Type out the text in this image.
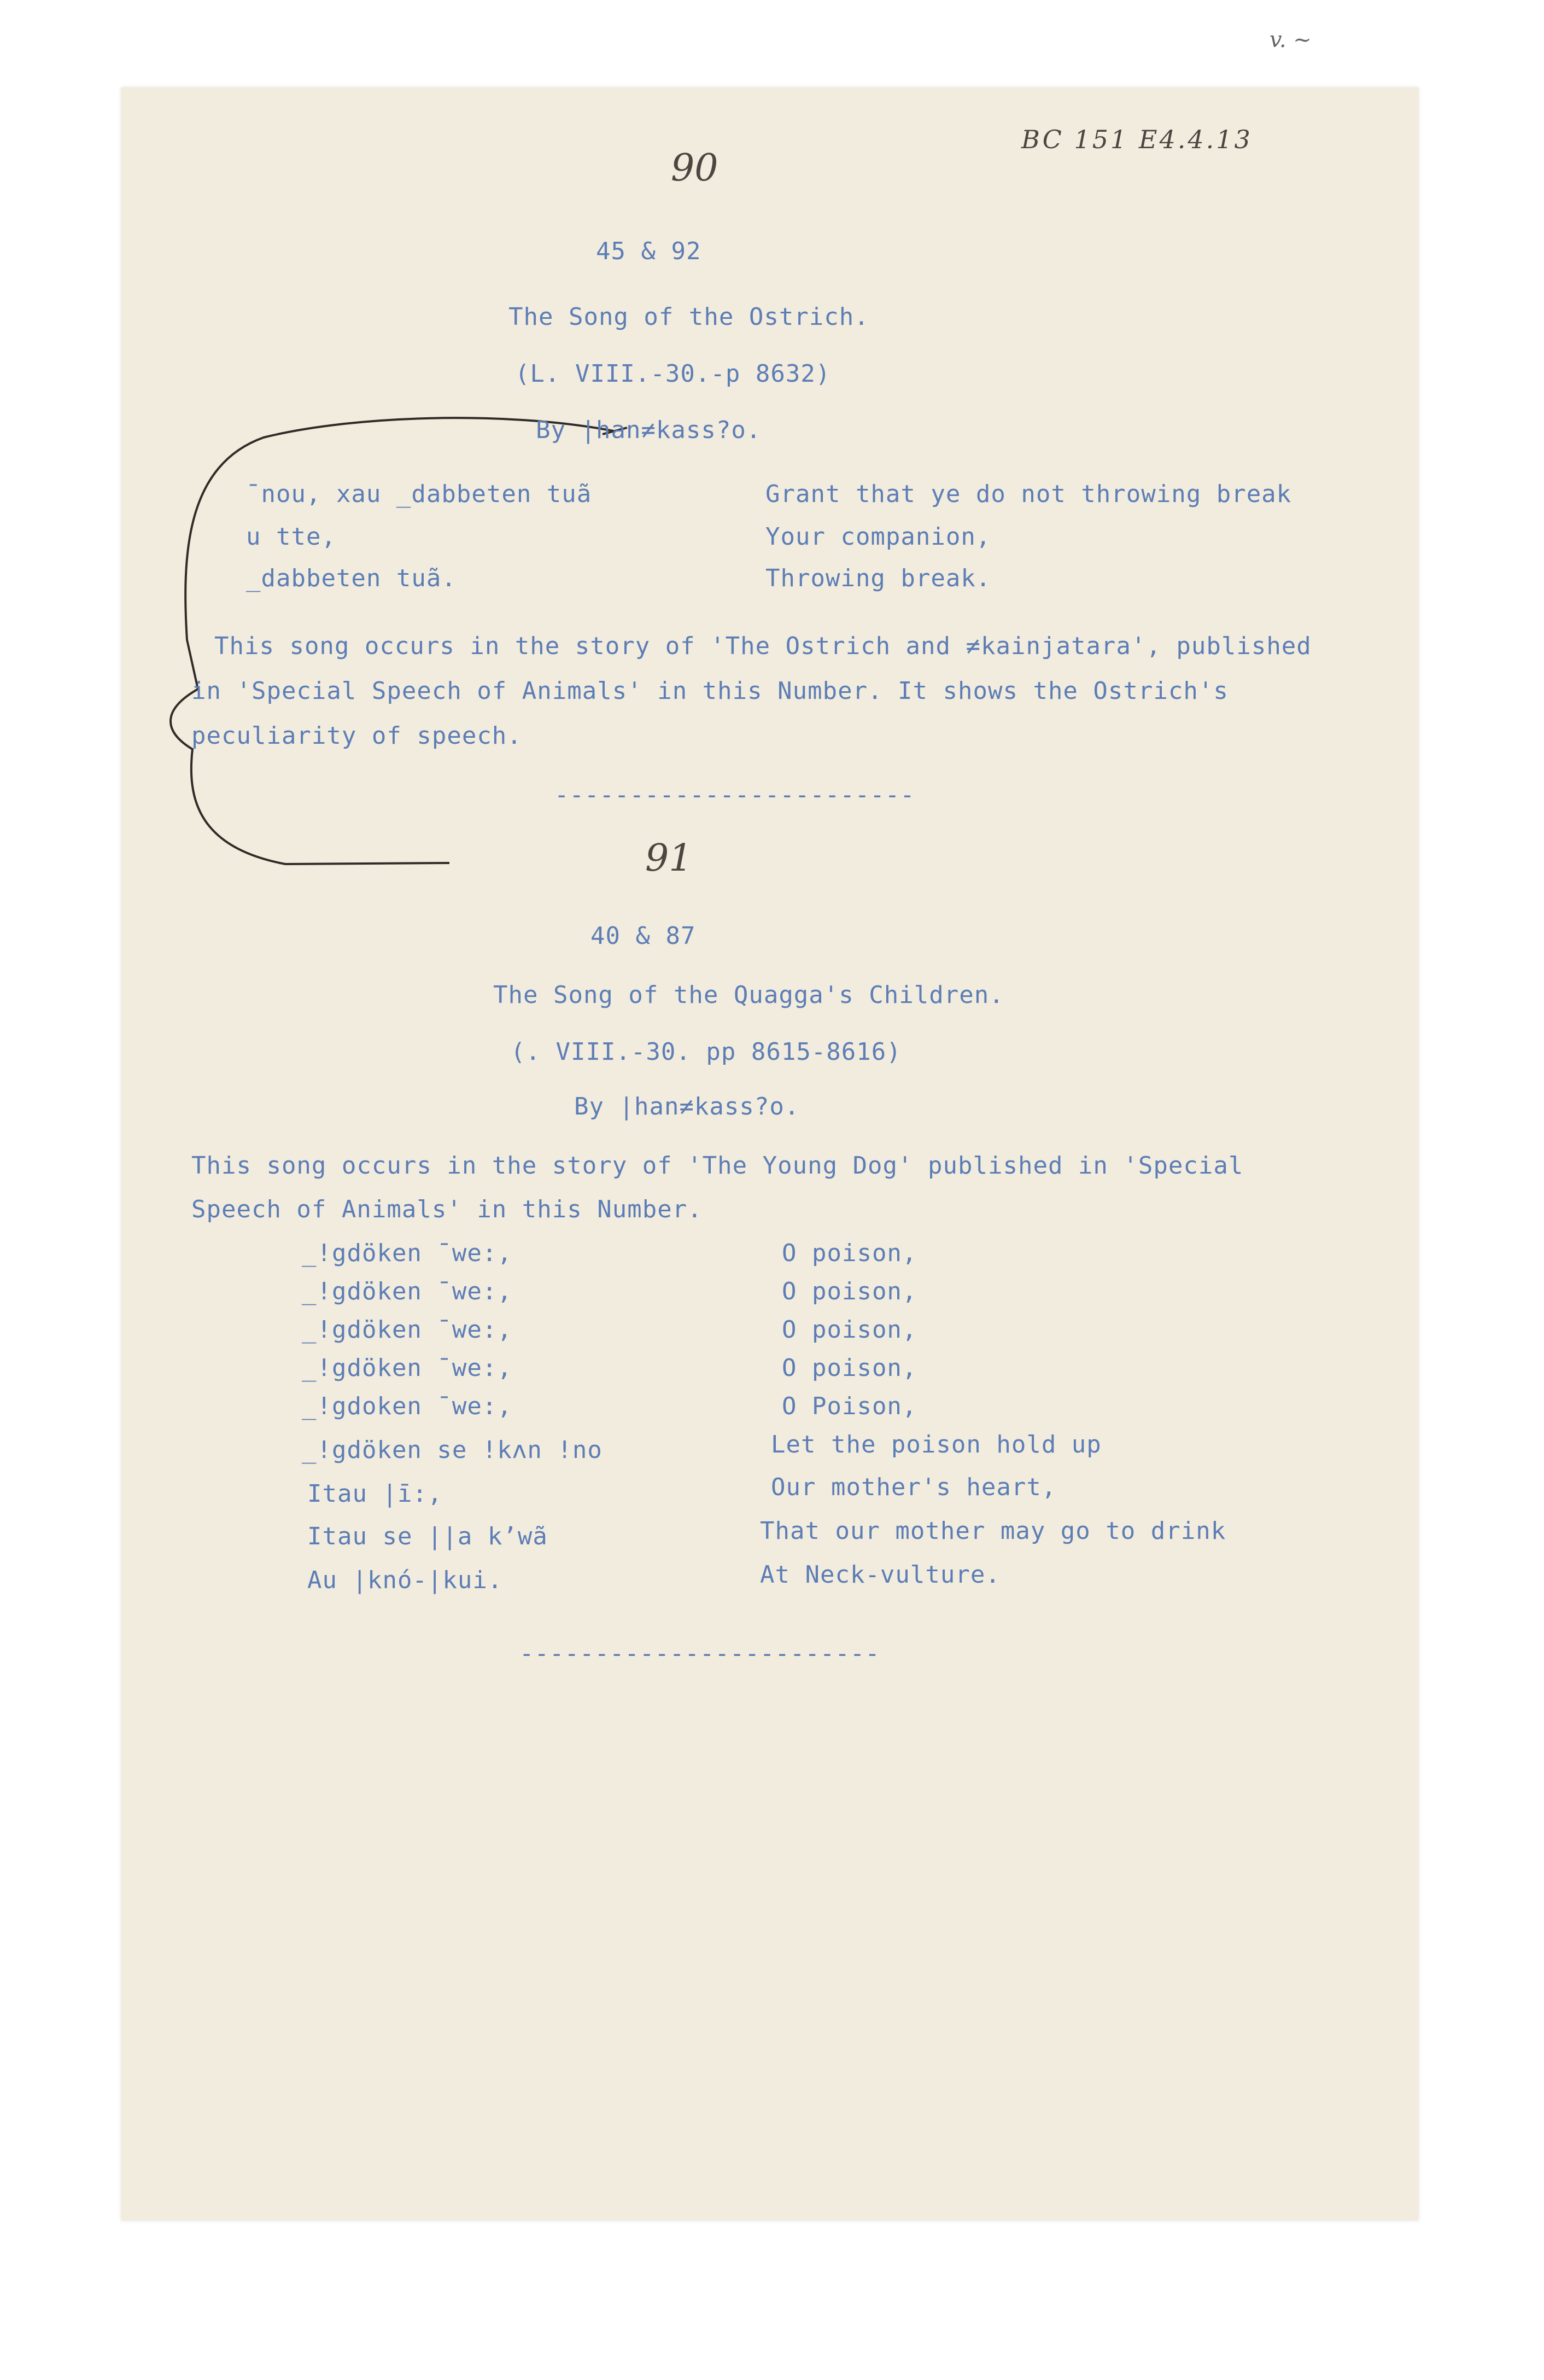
v. ~
BC 151 E4.4.13
90
45 & 92
The Song of the Ostrich.
(L. VIII.-30.-p 8632)
By |han≠kass?o.
¯nou, xau _dabbeten tuã
u tte,
_dabbeten tuã.
Grant that ye do not throwing break
Your companion,
Throwing break.
This song occurs in the story of 'The Ostrich and ≠kainjatara', published
in 'Special Speech of Animals' in this Number. It shows the Ostrich's
peculiarity of speech.
------------------------
91
40 & 87
The Song of the Quagga's Children.
(. VIII.-30. pp 8615-8616)
By |han≠kass?o.
This song occurs in the story of 'The Young Dog' published in 'Special
Speech of Animals' in this Number.
_!gdöken ¯we:,
_!gdöken ¯we:,
_!gdöken ¯we:,
_!gdöken ¯we:,
_!gdoken ¯we:,
_!gdöken se !kʌn !no
Itau |ī:,
Itau se ||a kʼwã
Au |knó-|kui.
O poison,
O poison,
O poison,
O poison,
O Poison,
Let the poison hold up
Our mother's heart,
That our mother may go to drink
At Neck-vulture.
------------------------
